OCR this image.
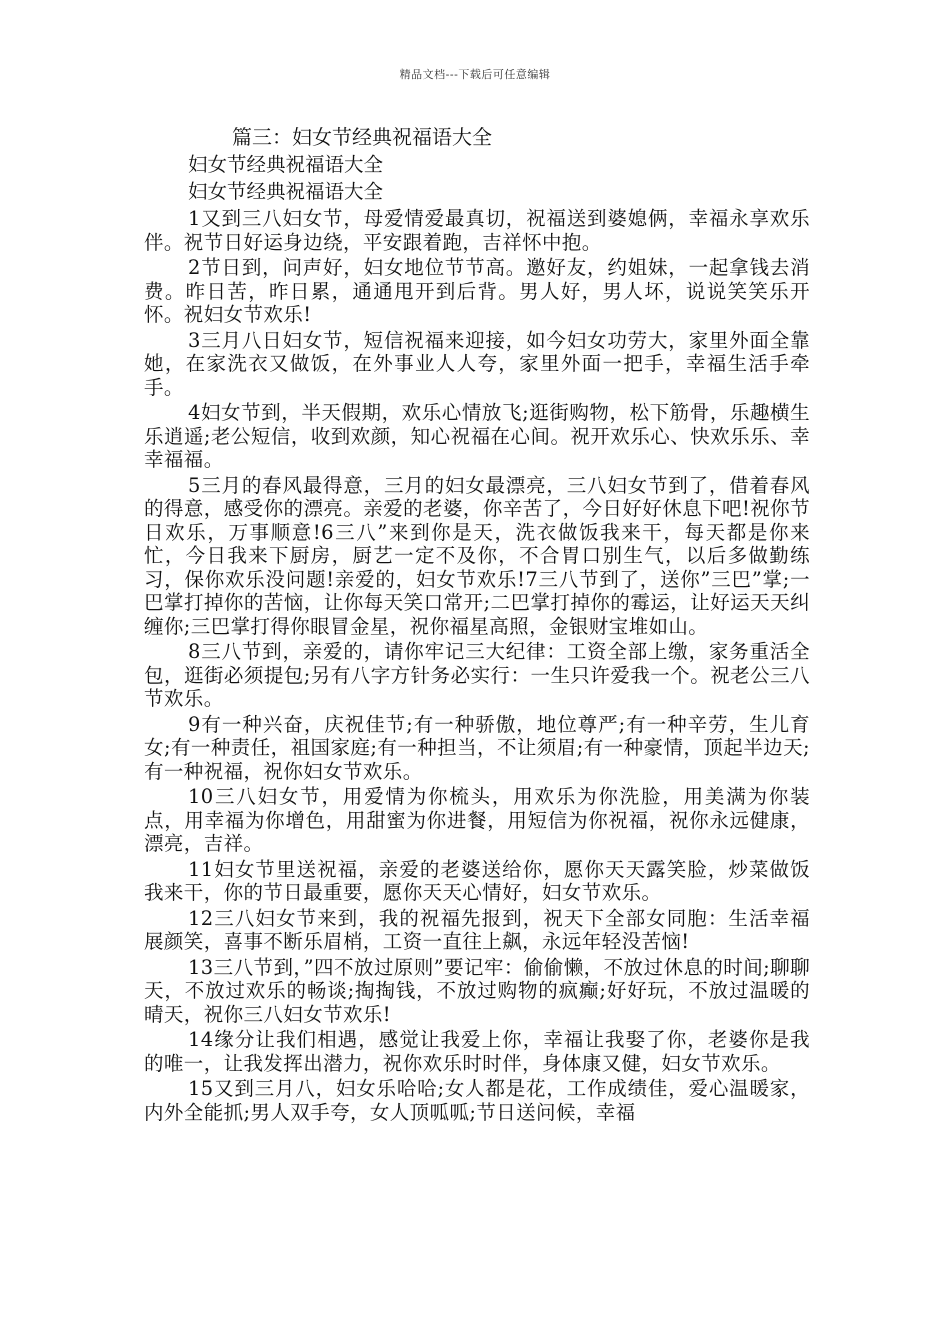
精品文档---下载后可任意编辑
篇三：妇女节经典祝福语大全

妇女节经典祝福语大全

妇女节经典祝福语大全

1又到三八妇女节，母爱情爱最真切，祝福送到婆媳俩，幸福永享欢乐伴。祝节日好运身边绕，平安跟着跑，吉祥怀中抱。

2节日到，问声好，妇女地位节节高。邀好友，约姐妹，一起拿钱去消费。昨日苦，昨日累，通通甩开到后背。男人好，男人坏，说说笑笑乐开怀。祝妇女节欢乐!

3三月八日妇女节，短信祝福来迎接，如今妇女功劳大，家里外面全靠她，在家洗衣又做饭，在外事业人人夸，家里外面一把手，幸福生活手牵手。

4妇女节到，半天假期，欢乐心情放飞;逛街购物，松下筋骨，乐趣横生乐逍遥;老公短信，收到欢颜，知心祝福在心间。祝开欢乐心、快欢乐乐、幸幸福福。

5三月的春风最得意，三月的妇女最漂亮，三八妇女节到了，借着春风的得意，感受你的漂亮。亲爱的老婆，你辛苦了，今日好好休息下吧!祝你节日欢乐，万事顺意!6三八”来到你是天，洗衣做饭我来干，每天都是你来忙，今日我来下厨房，厨艺一定不及你，不合胃口别生气，以后多做勤练习，保你欢乐没问题!亲爱的，妇女节欢乐!7三八节到了，送你”三巴”掌;一巴掌打掉你的苦恼，让你每天笑口常开;二巴掌打掉你的霉运，让好运天天纠缠你;三巴掌打得你眼冒金星，祝你福星高照，金银财宝堆如山。

8三八节到，亲爱的，请你牢记三大纪律：工资全部上缴，家务重活全包，逛街必须提包;另有八字方针务必实行：一生只许爱我一个。祝老公三八节欢乐。

9有一种兴奋，庆祝佳节;有一种骄傲，地位尊严;有一种辛劳，生儿育女;有一种责任，祖国家庭;有一种担当，不让须眉;有一种豪情，顶起半边天;有一种祝福，祝你妇女节欢乐。

10三八妇女节，用爱情为你梳头，用欢乐为你洗脸，用美满为你装点，用幸福为你增色，用甜蜜为你进餐，用短信为你祝福，祝你永远健康，漂亮，吉祥。

11妇女节里送祝福，亲爱的老婆送给你，愿你天天露笑脸，炒菜做饭我来干，你的节日最重要，愿你天天心情好，妇女节欢乐。

12三八妇女节来到，我的祝福先报到，祝天下全部女同胞：生活幸福展颜笑，喜事不断乐眉梢，工资一直往上飙，永远年轻没苦恼!

13三八节到，”四不放过原则”要记牢：偷偷懒，不放过休息的时间;聊聊天，不放过欢乐的畅谈;掏掏钱，不放过购物的疯癫;好好玩，不放过温暖的晴天，祝你三八妇女节欢乐!

14缘分让我们相遇，感觉让我爱上你，幸福让我娶了你，老婆你是我的唯一，让我发挥出潜力，祝你欢乐时时伴，身体康又健，妇女节欢乐。

15又到三月八，妇女乐哈哈;女人都是花，工作成绩佳，爱心温暖家，内外全能抓;男人双手夸，女人顶呱呱;节日送问候，幸福
